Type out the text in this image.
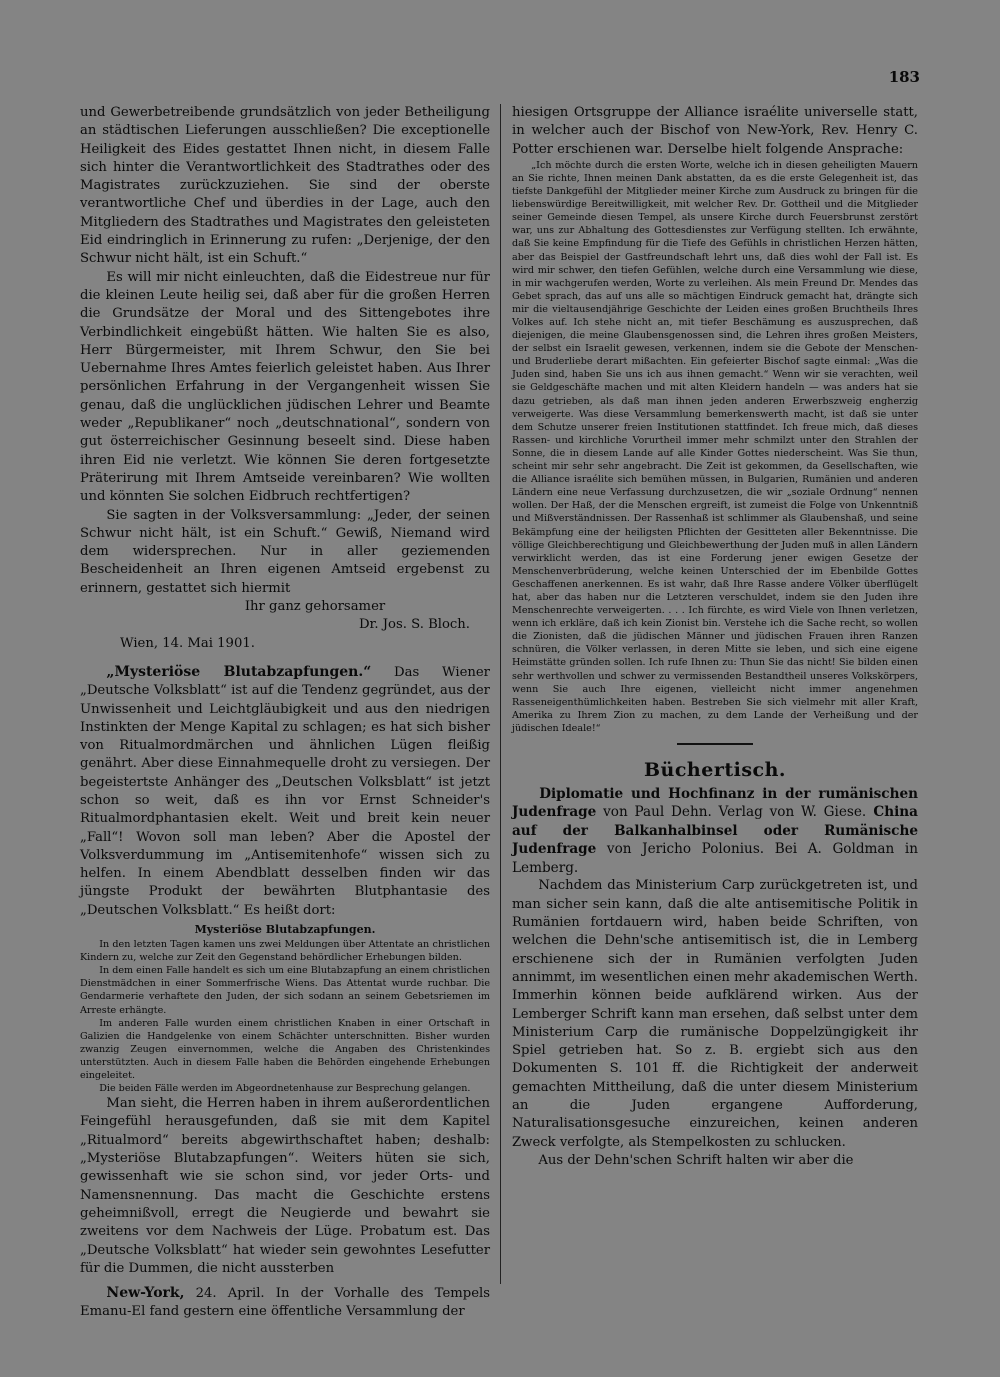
183

und Gewerbetreibende grundsätzlich von jeder Betheiligung an städtischen Lieferungen ausschließen? Die exceptionelle Heiligkeit des Eides gestattet Ihnen nicht, in diesem Falle sich hinter die Verantwortlichkeit des Stadtrathes oder des Magistrates zurückzuziehen. Sie sind der oberste verantwortliche Chef und überdies in der Lage, auch den Mitgliedern des Stadtrathes und Magistrates den geleisteten Eid eindringlich in Erinnerung zu rufen: „Derjenige, der den Schwur nicht hält, ist ein Schuft.“

Es will mir nicht einleuchten, daß die Eidestreue nur für die kleinen Leute heilig sei, daß aber für die großen Herren die Grundsätze der Moral und des Sittengebotes ihre Verbindlichkeit eingebüßt hätten. Wie halten Sie es also, Herr Bürgermeister, mit Ihrem Schwur, den Sie bei Uebernahme Ihres Amtes feierlich geleistet haben. Aus Ihrer persönlichen Erfahrung in der Vergangenheit wissen Sie genau, daß die unglücklichen jüdischen Lehrer und Beamte weder „Republikaner“ noch „deutschnational“, sondern von gut österreichischer Gesinnung beseelt sind. Diese haben ihren Eid nie verletzt. Wie können Sie deren fortgesetzte Präterirung mit Ihrem Amtseide vereinbaren? Wie wollten und könnten Sie solchen Eidbruch rechtfertigen?

Sie sagten in der Volksversammlung: „Jeder, der seinen Schwur nicht hält, ist ein Schuft.“ Gewiß, Niemand wird dem widersprechen. Nur in aller geziemenden Bescheidenheit an Ihren eigenen Amtseid ergebenst zu erinnern, gestattet sich hiermit

Ihr ganz gehorsamer
Dr. Jos. S. Bloch.
Wien, 14. Mai 1901.

„Mysteriöse Blutabzapfungen.“ Das Wiener „Deutsche Volksblatt“ ist auf die Tendenz gegründet, aus der Unwissenheit und Leichtgläubigkeit und aus den niedrigen Instinkten der Menge Kapital zu schlagen; es hat sich bisher von Ritualmordmärchen und ähnlichen Lügen fleißig genährt. Aber diese Einnahmequelle droht zu versiegen. Der begeistertste Anhänger des „Deutschen Volksblatt“ ist jetzt schon so weit, daß es ihn vor Ernst Schneider's Ritualmordphantasien ekelt. Weit und breit kein neuer „Fall“! Wovon soll man leben? Aber die Apostel der Volksverdummung im „Antisemitenhofe“ wissen sich zu helfen. In einem Abendblatt desselben finden wir das jüngste Produkt der bewährten Blutphantasie des „Deutschen Volksblatt.“ Es heißt dort:

Mysteriöse Blutabzapfungen.

In den letzten Tagen kamen uns zwei Meldungen über Attentate an christlichen Kindern zu, welche zur Zeit den Gegenstand behördlicher Erhebungen bilden.

In dem einen Falle handelt es sich um eine Blutabzapfung an einem christlichen Dienstmädchen in einer Sommerfrische Wiens. Das Attentat wurde ruchbar. Die Gendarmerie verhaftete den Juden, der sich sodann an seinem Gebetsriemen im Arreste erhängte.

Im anderen Falle wurden einem christlichen Knaben in einer Ortschaft in Galizien die Handgelenke von einem Schächter unterschnitten. Bisher wurden zwanzig Zeugen einvernommen, welche die Angaben des Christenkindes unterstützten. Auch in diesem Falle haben die Behörden eingehende Erhebungen eingeleitet.

Die beiden Fälle werden im Abgeordnetenhause zur Besprechung gelangen.

Man sieht, die Herren haben in ihrem außerordentlichen Feingefühl herausgefunden, daß sie mit dem Kapitel „Ritualmord“ bereits abgewirthschaftet haben; deshalb: „Mysteriöse Blutabzapfungen“. Weiters hüten sie sich, gewissenhaft wie sie schon sind, vor jeder Orts- und Namensnennung. Das macht die Geschichte erstens geheimnißvoll, erregt die Neugierde und bewahrt sie zweitens vor dem Nachweis der Lüge. Probatum est. Das „Deutsche Volksblatt“ hat wieder sein gewohntes Lesefutter für die Dummen, die nicht aussterben

New-York, 24. April. In der Vorhalle des Tempels Emanu-El fand gestern eine öffentliche Versammlung der

hiesigen Ortsgruppe der Alliance israélite universelle statt, in welcher auch der Bischof von New-York, Rev. Henry C. Potter erschienen war. Derselbe hielt folgende Ansprache:

„Ich möchte durch die ersten Worte, welche ich in diesen geheiligten Mauern an Sie richte, Ihnen meinen Dank abstatten, da es die erste Gelegenheit ist, das tiefste Dankgefühl der Mitglieder meiner Kirche zum Ausdruck zu bringen für die liebenswürdige Bereitwilligkeit, mit welcher Rev. Dr. Gottheil und die Mitglieder seiner Gemeinde diesen Tempel, als unsere Kirche durch Feuersbrunst zerstört war, uns zur Abhaltung des Gottesdienstes zur Verfügung stellten. Ich erwähnte, daß Sie keine Empfindung für die Tiefe des Gefühls in christlichen Herzen hätten, aber das Beispiel der Gastfreundschaft lehrt uns, daß dies wohl der Fall ist. Es wird mir schwer, den tiefen Gefühlen, welche durch eine Versammlung wie diese, in mir wachgerufen werden, Worte zu verleihen. Als mein Freund Dr. Mendes das Gebet sprach, das auf uns alle so mächtigen Eindruck gemacht hat, drängte sich mir die vieltausendjährige Geschichte der Leiden eines großen Bruchtheils Ihres Volkes auf. Ich stehe nicht an, mit tiefer Beschämung es auszusprechen, daß diejenigen, die meine Glaubensgenossen sind, die Lehren ihres großen Meisters, der selbst ein Israelit gewesen, verkennen, indem sie die Gebote der Menschen- und Bruderliebe derart mißachten. Ein gefeierter Bischof sagte einmal: „Was die Juden sind, haben Sie uns ich aus ihnen gemacht.“ Wenn wir sie verachten, weil sie Geldgeschäfte machen und mit alten Kleidern handeln — was anders hat sie dazu getrieben, als daß man ihnen jeden anderen Erwerbszweig engherzig verweigerte. Was diese Versammlung bemerkenswerth macht, ist daß sie unter dem Schutze unserer freien Institutionen stattfindet. Ich freue mich, daß dieses Rassen- und kirchliche Vorurtheil immer mehr schmilzt unter den Strahlen der Sonne, die in diesem Lande auf alle Kinder Gottes niederscheint. Was Sie thun, scheint mir sehr sehr angebracht. Die Zeit ist gekommen, da Gesellschaften, wie die Alliance israélite sich bemühen müssen, in Bulgarien, Rumänien und anderen Ländern eine neue Verfassung durchzusetzen, die wir „soziale Ordnung“ nennen wollen. Der Haß, der die Menschen ergreift, ist zumeist die Folge von Unkenntniß und Mißverständnissen. Der Rassenhaß ist schlimmer als Glaubenshaß, und seine Bekämpfung eine der heiligsten Pflichten der Gesitteten aller Bekenntnisse. Die völlige Gleichberechtigung und Gleichbewerthung der Juden muß in allen Ländern verwirklicht werden, das ist eine Forderung jener ewigen Gesetze der Menschenverbrüderung, welche keinen Unterschied der im Ebenbilde Gottes Geschaffenen anerkennen. Es ist wahr, daß Ihre Rasse andere Völker überflügelt hat, aber das haben nur die Letzteren verschuldet, indem sie den Juden ihre Menschenrechte verweigerten. . . . Ich fürchte, es wird Viele von Ihnen verletzen, wenn ich erkläre, daß ich kein Zionist bin. Verstehe ich die Sache recht, so wollen die Zionisten, daß die jüdischen Männer und jüdischen Frauen ihren Ranzen schnüren, die Völker verlassen, in deren Mitte sie leben, und sich eine eigene Heimstätte gründen sollen. Ich rufe Ihnen zu: Thun Sie das nicht! Sie bilden einen sehr werthvollen und schwer zu vermissenden Bestandtheil unseres Volkskörpers, wenn Sie auch Ihre eigenen, vielleicht nicht immer angenehmen Rasseneigenthümlichkeiten haben. Bestreben Sie sich vielmehr mit aller Kraft, Amerika zu Ihrem Zion zu machen, zu dem Lande der Verheißung und der jüdischen Ideale!“

Büchertisch.

Diplomatie und Hochfinanz in der rumänischen Judenfrage von Paul Dehn. Verlag von W. Giese. China auf der Balkanhalbinsel oder Rumänische Judenfrage von Jericho Polonius. Bei A. Goldman in Lemberg.

Nachdem das Ministerium Carp zurückgetreten ist, und man sicher sein kann, daß die alte antisemitische Politik in Rumänien fortdauern wird, haben beide Schriften, von welchen die Dehn'sche antisemitisch ist, die in Lemberg erschienene sich der in Rumänien verfolgten Juden annimmt, im wesentlichen einen mehr akademischen Werth. Immerhin können beide aufklärend wirken. Aus der Lemberger Schrift kann man ersehen, daß selbst unter dem Ministerium Carp die rumänische Doppelzüngigkeit ihr Spiel getrieben hat. So z. B. ergiebt sich aus den Dokumenten S. 101 ff. die Richtigkeit der anderweit gemachten Mittheilung, daß die unter diesem Ministerium an die Juden ergangene Aufforderung, Naturalisationsgesuche einzureichen, keinen anderen Zweck verfolgte, als Stempelkosten zu schlucken.

Aus der Dehn'schen Schrift halten wir aber die
